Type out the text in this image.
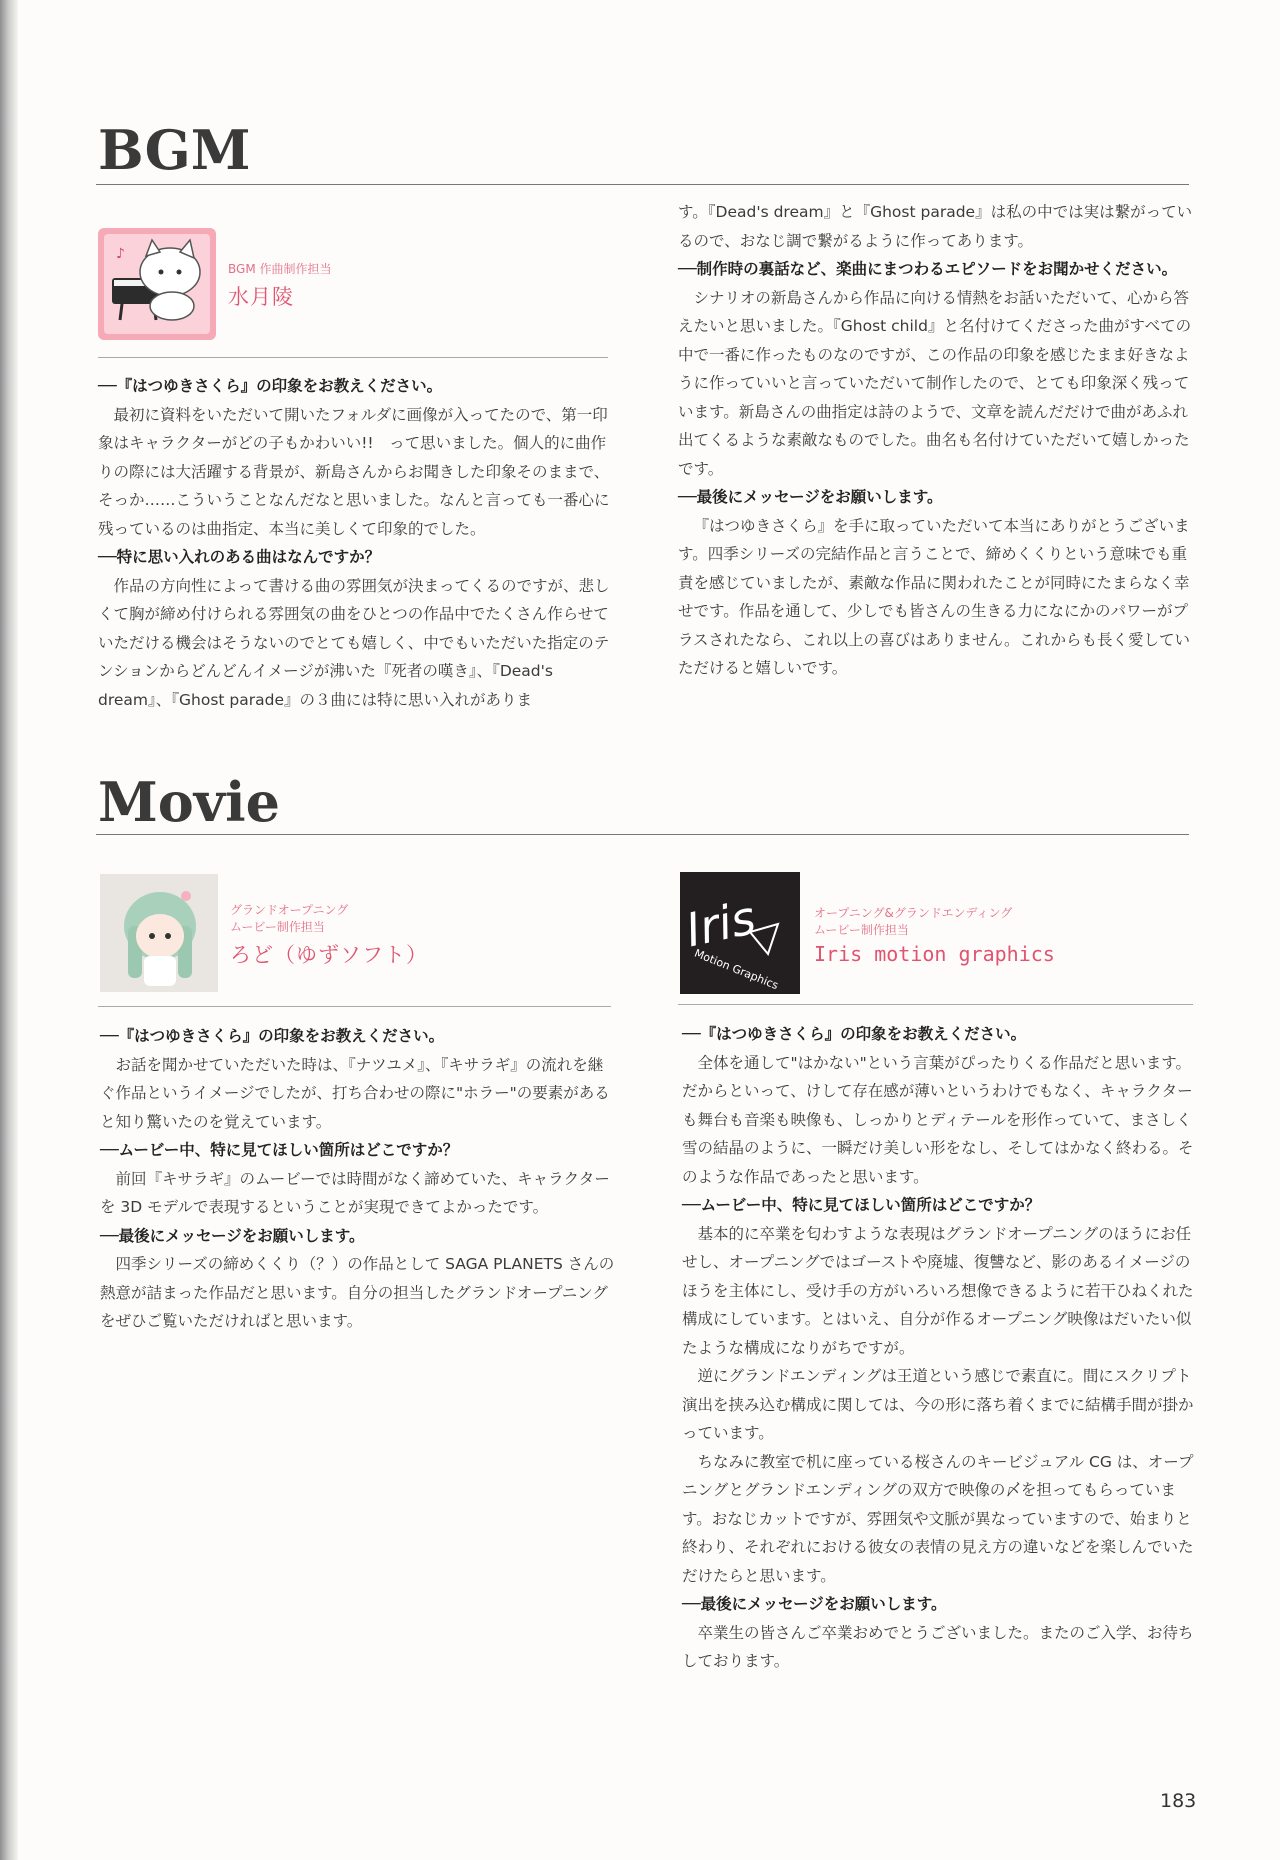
BGM
♪
BGM 作曲制作担当
水月陵

──『はつゆきさくら』の印象をお教えください。

最初に資料をいただいて開いたフォルダに画像が入ってたので、第一印象はキャラクターがどの子もかわいい!!　って思いました。個人的に曲作りの際には大活躍する背景が、新島さんからお聞きした印象そのままで、そっか……こういうことなんだなと思いました。なんと言っても一番心に残っているのは曲指定、本当に美しくて印象的でした。

──特に思い入れのある曲はなんですか？

作品の方向性によって書ける曲の雰囲気が決まってくるのですが、悲しくて胸が締め付けられる雰囲気の曲をひとつの作品中でたくさん作らせていただける機会はそうないのでとても嬉しく、中でもいただいた指定のテンションからどんどんイメージが沸いた『死者の嘆き』、『Dead's dream』、『Ghost parade』の３曲には特に思い入れがありま

す。『Dead's dream』と『Ghost parade』は私の中では実は繋がっているので、おなじ調で繋がるように作ってあります。

──制作時の裏話など、楽曲にまつわるエピソードをお聞かせください。

シナリオの新島さんから作品に向ける情熱をお話いただいて、心から答えたいと思いました。『Ghost child』と名付けてくださった曲がすべての中で一番に作ったものなのですが、この作品の印象を感じたまま好きなように作っていいと言っていただいて制作したので、とても印象深く残っています。新島さんの曲指定は詩のようで、文章を読んだだけで曲があふれ出てくるような素敵なものでした。曲名も名付けていただいて嬉しかったです。

──最後にメッセージをお願いします。

『はつゆきさくら』を手に取っていただいて本当にありがとうございます。四季シリーズの完結作品と言うことで、締めくくりという意味でも重責を感じていましたが、素敵な作品に関われたことが同時にたまらなく幸せです。作品を通して、少しでも皆さんの生きる力になにかのパワーがプラスされたなら、これ以上の喜びはありません。これからも長く愛していただけると嬉しいです。

Movie
グランドオープニング
ムービー制作担当
ろど（ゆずソフト）

──『はつゆきさくら』の印象をお教えください。

お話を聞かせていただいた時は、『ナツユメ』、『キサラギ』の流れを継ぐ作品というイメージでしたが、打ち合わせの際に"ホラー"の要素があると知り驚いたのを覚えています。

──ムービー中、特に見てほしい箇所はどこですか？

前回『キサラギ』のムービーでは時間がなく諦めていた、キャラクターを 3D モデルで表現するということが実現できてよかったです。

──最後にメッセージをお願いします。

四季シリーズの締めくくり（？）の作品として SAGA PLANETS さんの熱意が詰まった作品だと思います。自分の担当したグランドオープニングをぜひご覧いただければと思います。

Iris
Motion Graphics
オープニング&グランドエンディング
ムービー制作担当
Iris motion graphics

──『はつゆきさくら』の印象をお教えください。

全体を通して"はかない"という言葉がぴったりくる作品だと思います。だからといって、けして存在感が薄いというわけでもなく、キャラクターも舞台も音楽も映像も、しっかりとディテールを形作っていて、まさしく雪の結晶のように、一瞬だけ美しい形をなし、そしてはかなく終わる。そのような作品であったと思います。

──ムービー中、特に見てほしい箇所はどこですか？

基本的に卒業を匂わすような表現はグランドオープニングのほうにお任せし、オープニングではゴーストや廃墟、復讐など、影のあるイメージのほうを主体にし、受け手の方がいろいろ想像できるように若干ひねくれた構成にしています。とはいえ、自分が作るオープニング映像はだいたい似たような構成になりがちですが。

逆にグランドエンディングは王道という感じで素直に。間にスクリプト演出を挟み込む構成に関しては、今の形に落ち着くまでに結構手間が掛かっています。

ちなみに教室で机に座っている桜さんのキービジュアル CG は、オープニングとグランドエンディングの双方で映像の〆を担ってもらっています。おなじカットですが、雰囲気や文脈が異なっていますので、始まりと終わり、それぞれにおける彼女の表情の見え方の違いなどを楽しんでいただけたらと思います。

──最後にメッセージをお願いします。

卒業生の皆さんご卒業おめでとうございました。またのご入学、お待ちしております。

183
